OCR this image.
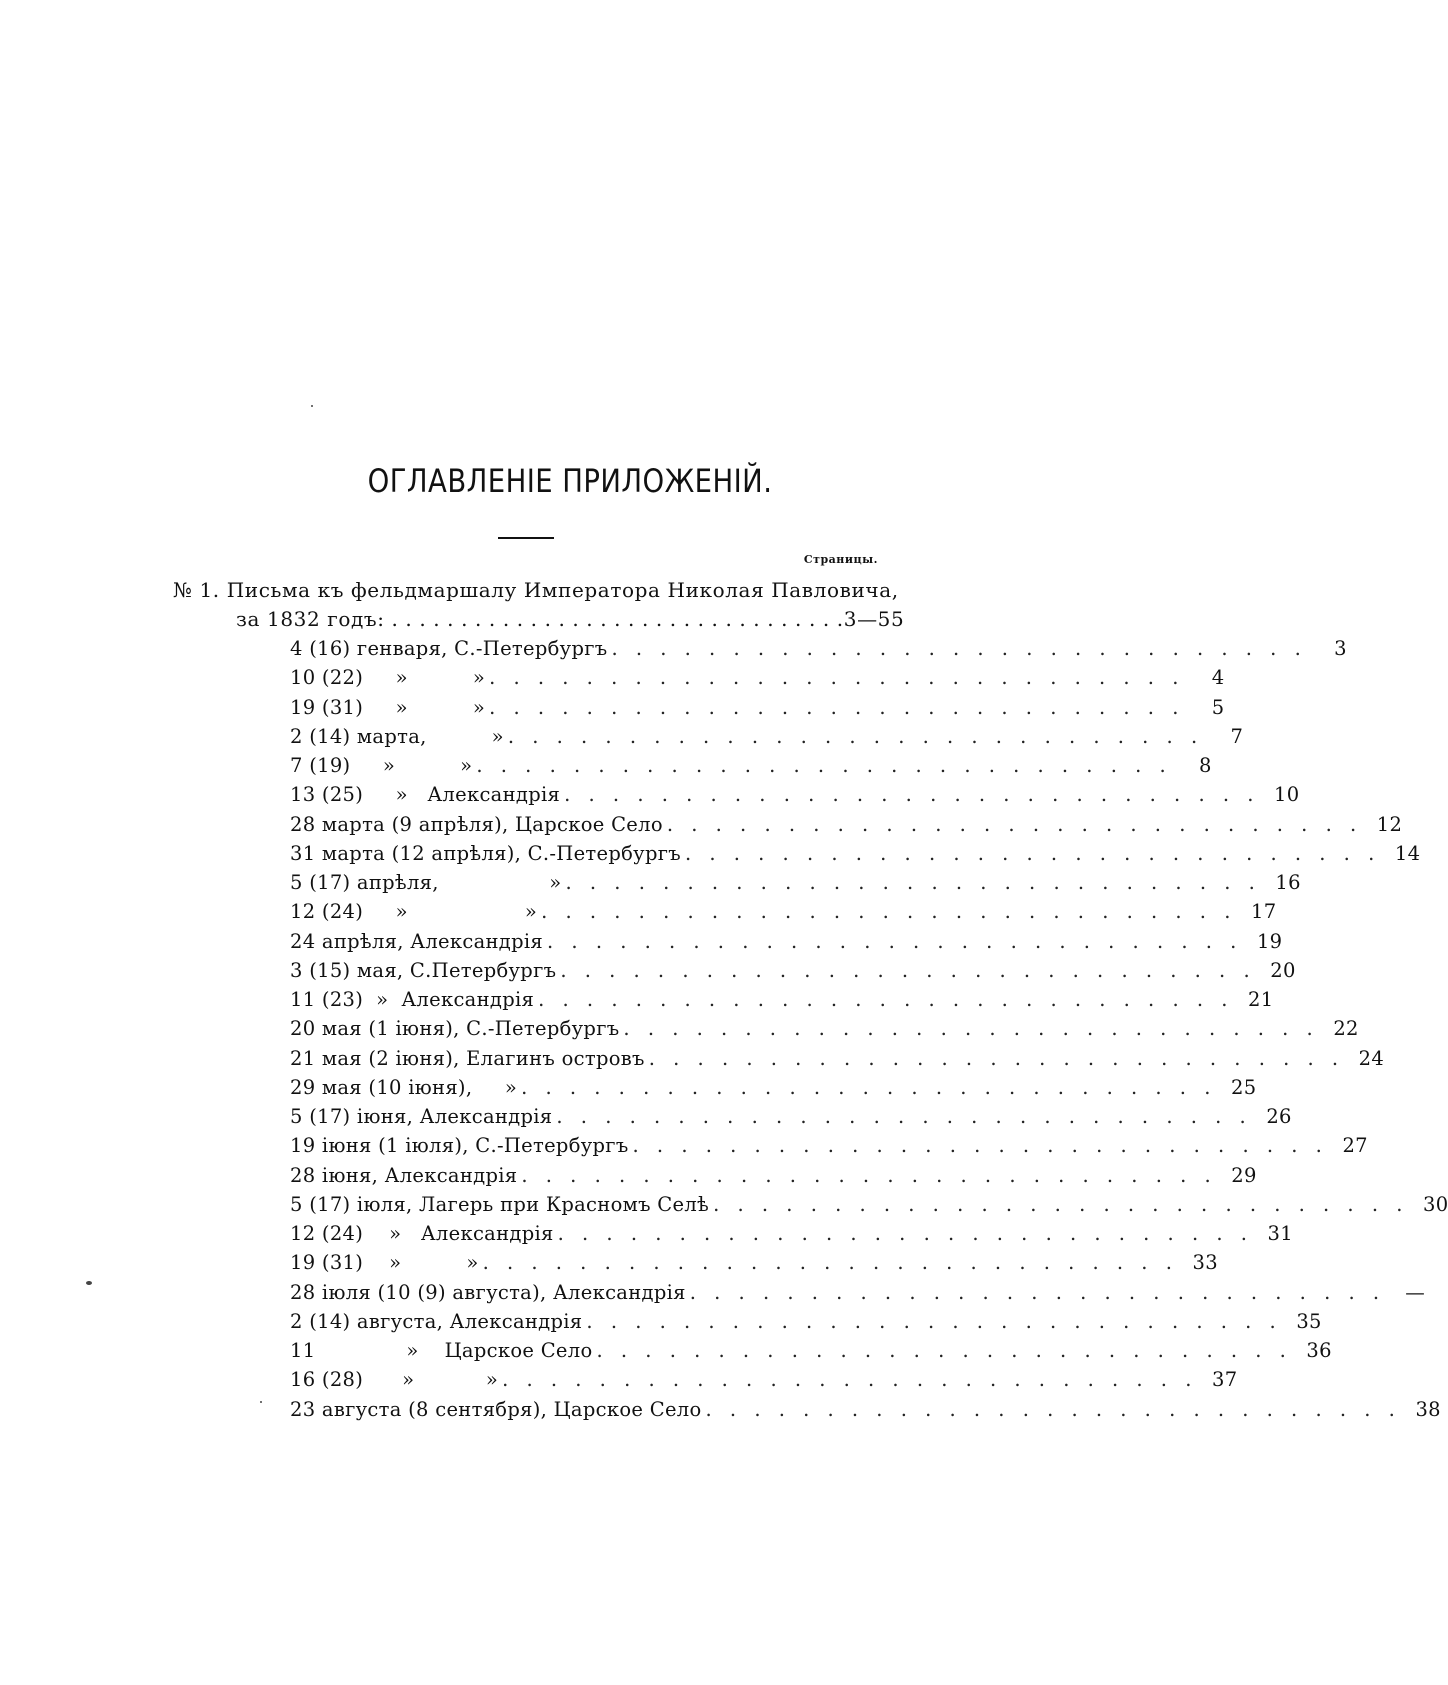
ОГЛАВЛЕНІЕ ПРИЛОЖЕНІЙ.
Страницы.
№ 1. Письма къ фельдмаршалу Императора Николая Павловича,
за 1832 годъ: . . . . . . . . . . . . . . . . . . . . . . . . . . . . . . . . . 3—55
4 (16) генваря, С.-Петербургъ . . . . . . . . . . . . . . . . . . . . . . . . . . . . .	3
10 (22)     »          » . . . . . . . . . . . . . . . . . . . . . . . . . . . . .	4
19 (31)     »          » . . . . . . . . . . . . . . . . . . . . . . . . . . . . .	5
2 (14) марта,          » . . . . . . . . . . . . . . . . . . . . . . . . . . . . .	7
7 (19)     »          » . . . . . . . . . . . . . . . . . . . . . . . . . . . . .	8
13 (25)     »   Александрія . . . . . . . . . . . . . . . . . . . . . . . . . . . . . 10
28 марта (9 апрѣля), Царское Село . . . . . . . . . . . . . . . . . . . . . . . . . . . . . 12
31 марта (12 апрѣля), С.-Петербургъ . . . . . . . . . . . . . . . . . . . . . . . . . . . . . 14
5 (17) апрѣля,                 » . . . . . . . . . . . . . . . . . . . . . . . . . . . . . 16
12 (24)     »                  » . . . . . . . . . . . . . . . . . . . . . . . . . . . . . 17
24 апрѣля, Александрія . . . . . . . . . . . . . . . . . . . . . . . . . . . . . 19
3 (15) мая, С.Петербургъ . . . . . . . . . . . . . . . . . . . . . . . . . . . . . 20
11 (23)  »  Александрія . . . . . . . . . . . . . . . . . . . . . . . . . . . . . 21
20 мая (1 іюня), С.-Петербургъ . . . . . . . . . . . . . . . . . . . . . . . . . . . . . 22
21 мая (2 іюня), Елагинъ островъ . . . . . . . . . . . . . . . . . . . . . . . . . . . . . 24
29 мая (10 іюня),     » . . . . . . . . . . . . . . . . . . . . . . . . . . . . . 25
5 (17) іюня, Александрія . . . . . . . . . . . . . . . . . . . . . . . . . . . . . 26
19 іюня (1 іюля), С.-Петербургъ . . . . . . . . . . . . . . . . . . . . . . . . . . . . . 27
28 іюня, Александрія . . . . . . . . . . . . . . . . . . . . . . . . . . . . . 29
5 (17) іюля, Лагерь при Красномъ Селѣ . . . . . . . . . . . . . . . . . . . . . . . . . . . . . 30
12 (24)    »   Александрія . . . . . . . . . . . . . . . . . . . . . . . . . . . . . 31
19 (31)    »          » . . . . . . . . . . . . . . . . . . . . . . . . . . . . . 33
28 іюля (10 (9) августа), Александрія . . . . . . . . . . . . . . . . . . . . . . . . . . . . .	—
2 (14) августа, Александрія . . . . . . . . . . . . . . . . . . . . . . . . . . . . . 35
11              »    Царское Село . . . . . . . . . . . . . . . . . . . . . . . . . . . . . 36
16 (28)      »           » . . . . . . . . . . . . . . . . . . . . . . . . . . . . . 37
23 августа (8 сентября), Царское Село . . . . . . . . . . . . . . . . . . . . . . . . . . . . . 38
